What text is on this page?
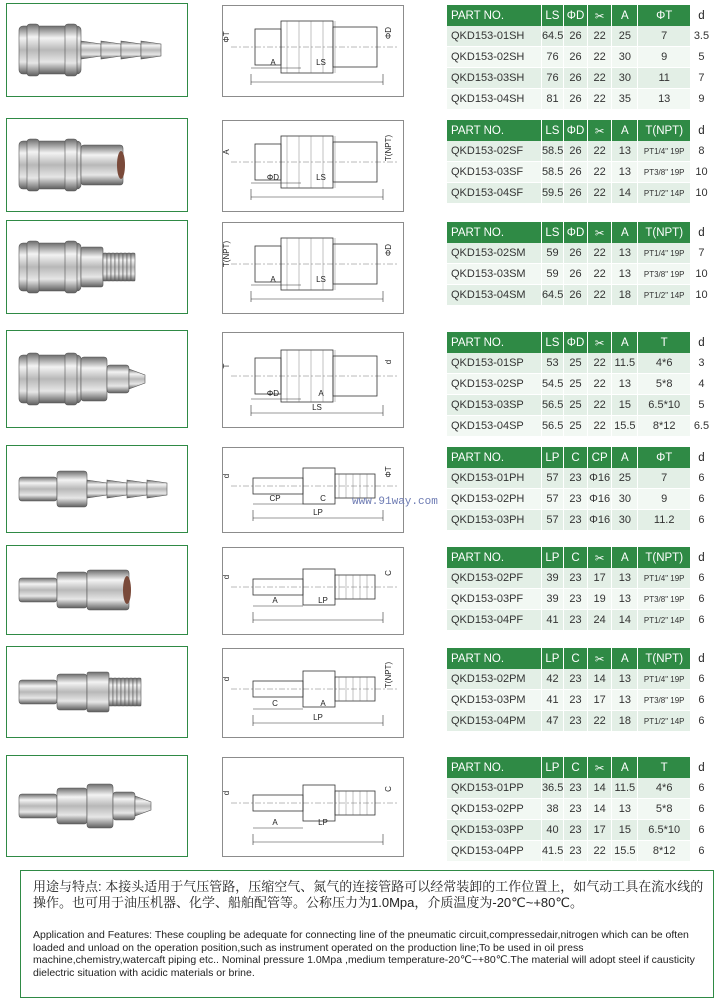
ΦT	ΦD
A	LS
PART NO.	LS	ΦD	✂	A	ΦT	d
QKD153-01SH	64.5	26	22	25	7	3.5
QKD153-02SH	76	26	22	30	9	5
QKD153-03SH	76	26	22	30	11	7
QKD153-04SH	81	26	22	35	13	9
A	T(NPT)
ΦD	LS
PART NO.	LS	ΦD	✂	A	T(NPT)	d
QKD153-02SF	58.5	26	22	13	PT1/4" 19P	8
QKD153-03SF	58.5	26	22	13	PT3/8" 19P	10
QKD153-04SF	59.5	26	22	14	PT1/2" 14P	10
T(NPT)	ΦD
A	LS
PART NO.	LS	ΦD	✂	A	T(NPT)	d
QKD153-02SM	59	26	22	13	PT1/4" 19P	7
QKD153-03SM	59	26	22	13	PT3/8" 19P	10
QKD153-04SM	64.5	26	22	18	PT1/2" 14P	10
T
d
ΦD	A
LS
PART NO.	LS	ΦD	✂	A	T	d
QKD153-01SP	53	25	22	11.5	4*6	3
QKD153-02SP	54.5	25	22	13	5*8	4
QKD153-03SP	56.5	25	22	15	6.5*10	5
QKD153-04SP	56.5	25	22	15.5	8*12	6.5
d	ΦT
CP	C
LP
PART NO.	LP	C	CP	A	ΦT	d
QKD153-01PH	57	23	Φ16	25	7	6
QKD153-02PH	57	23	Φ16	30	9	6
QKD153-03PH	57	23	Φ16	30	11.2	6
d
C
A	LP
PART NO.	LP	C	✂	A	T(NPT)	d
QKD153-02PF	39	23	17	13	PT1/4" 19P	6
QKD153-03PF	39	23	19	13	PT3/8" 19P	6
QKD153-04PF	41	23	24	14	PT1/2" 14P	6
d	T(NPT)
C	A
LP
PART NO.	LP	C	✂	A	T(NPT)	d
QKD153-02PM	42	23	14	13	PT1/4" 19P	6
QKD153-03PM	41	23	17	13	PT3/8" 19P	6
QKD153-04PM	47	23	22	18	PT1/2" 14P	6
d
C
A	LP
PART NO.	LP	C	✂	A	T	d
QKD153-01PP	36.5	23	14	11.5	4*6	6
QKD153-02PP	38	23	14	13	5*8	6
QKD153-03PP	40	23	17	15	6.5*10	6
QKD153-04PP	41.5	23	22	15.5	8*12	6
www.91way.com
用途与特点: 本接头适用于气压管路，压缩空气、氮气的连接管路可以经常装卸的工作位置上，如气动工具在流水线的操作。也可用于油压机器、化学、船舶配管等。公称压力为1.0Mpa，介质温度为-20℃~+80℃。
Application and Features: These coupling be adequate for connecting line of the pneumatic circuit,compressedair,nitrogen which can be often loaded and unload on the operation position,such as instrument operated on the production line;To be used in oil press machine,chemistry,watercaft piping etc.. Nominal pressure 1.0Mpa ,medium temperature-20℃~+80℃.The material will adopt steel if causticity dielectric situation with acidic materials or brine.
